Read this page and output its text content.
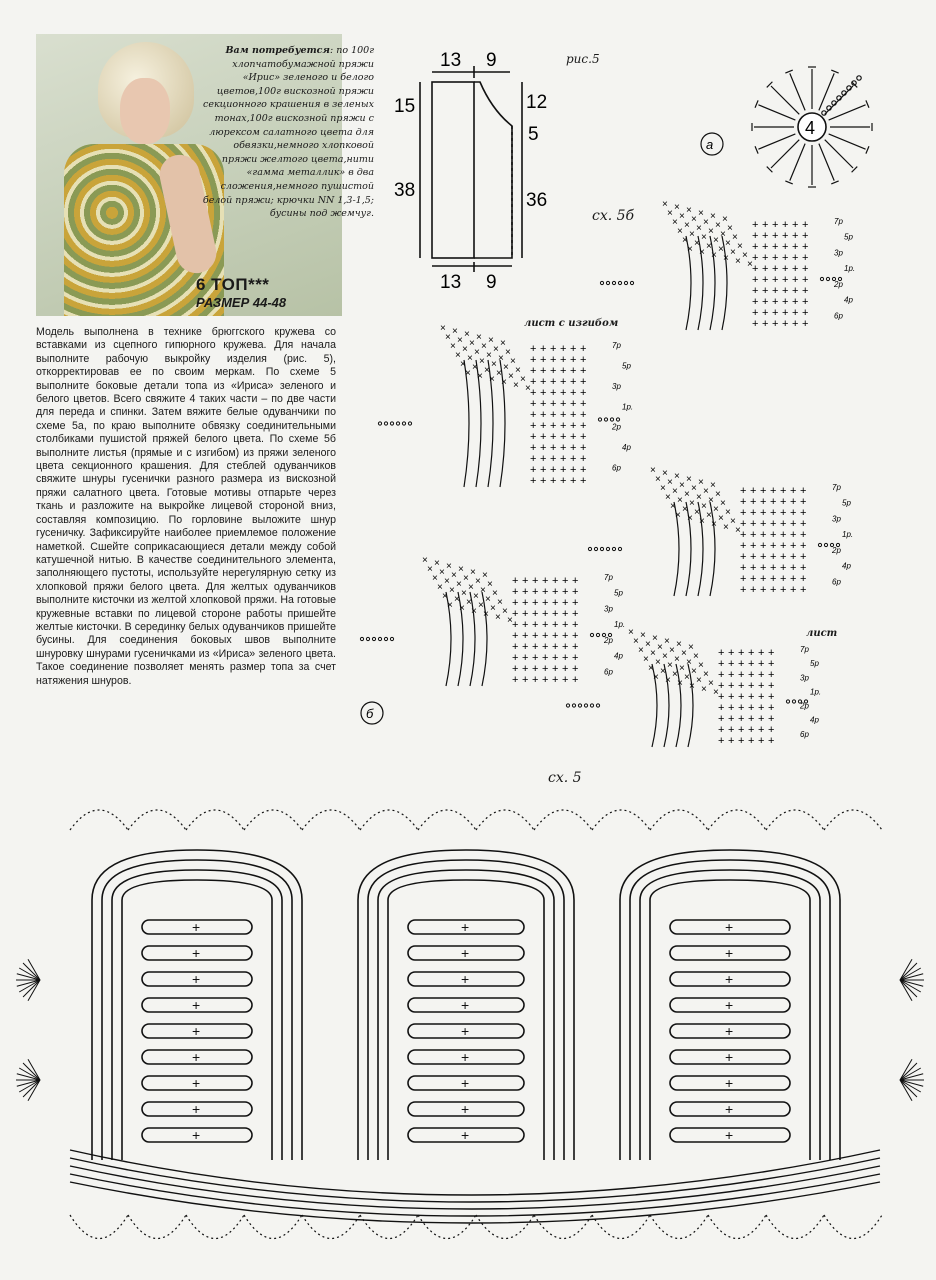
Вам потребуется: по 100г хлопчатобумажной пряжи «Ирис» зеленого и белого цветов,100г вискозной пряжи секционного крашения в зеленых тонах,100г вискозной пряжи с люрексом салатного цвета для обвязки,немного хлопковой пряжи желтого цвета,нити «гамма металлик» в два сложения,немного пушистой белой пряжи; крючки NN 1,3-1,5; бусины под жемчуг.
6 ТОП***
РАЗМЕР 44-48
Модель выполнена в технике брюггского кружева со вставками из сцепного гипюрного кружева. Для начала выполните рабочую выкройку изделия (рис. 5), откорректировав ее по своим меркам. По схеме 5 выполните боковые детали топа из «Ириса» зеленого и белого цветов. Всего свяжите 4 таких части – по две части для переда и спинки. Затем вяжите белые одуванчики по схеме 5а, по краю выполните обвязку соединительными столбиками пушистой пряжей белого цвета. По схеме 5б выполните листья (прямые и с изгибом) из пряжи зеленого цвета секционного крашения. Для стеблей одуванчиков свяжите шнуры гусенички разного размера из вискозной пряжи салатного цвета. Готовые мотивы отпарьте через ткань и разложите на выкройке лицевой стороной вниз, составляя композицию. По горловине выложите шнур гусеничку. Зафиксируйте наиболее приемлемое положение наметкой. Сшейте соприкасающиеся детали между собой катушечной нитью. В качестве соединительного элемента, заполняющего пустоты, используйте нерегулярную сетку из хлопковой пряжи белого цвета. Для желтых одуванчиков выполните кисточки из желтой хлопковой пряжи. На готовые кружевные вставки по лицевой стороне работы пришейте желтые кисточки. В серединку белых одуванчиков пришейте бусины. Для соединения боковых швов выполните шнуровку шнурами гусеничками из «Ириса» зеленого цвета. Такое соединение позволяет менять размер топа за счет натяжения шнуров.
рис.5
сх. 5б
лист с изгибом
лист
сх. 5
13 9
13 9
15
38
12
5
36
4
а
б
+ + + + + +
+ + + + + +
+ + + + + +
+ + + + + +
+ + + + + +
+ + + + + +
+ + + + + +
+ + + + + +
+ + + + + +
+ + + + + +
×
×
×
×
×
×
×
×
×
×
×
×
×
×
×
×
×
×
×
×
×
×
×
×
×
×
×
×
×
×
×
×
×
×
×
×
7р
5р
3р
1р.
2р
4р
6р
+ + + + + +
+ + + + + +
+ + + + + +
+ + + + + +
+ + + + + +
+ + + + + +
+ + + + + +
+ + + + + +
+ + + + + +
+ + + + + +
+ + + + + +
+ + + + + +
+ + + + + +
×
×
×
×
×
×
×
×
×
×
×
×
×
×
×
×
×
×
×
×
×
×
×
×
×
×
×
×
×
×
×
×
×
×
×
×
7р
5р
3р
1р.
2р
4р
6р
+ + + + + + +
+ + + + + + +
+ + + + + + +
+ + + + + + +
+ + + + + + +
+ + + + + + +
+ + + + + + +
+ + + + + + +
+ + + + + + +
+ + + + + + +
×
×
×
×
×
×
×
×
×
×
×
×
×
×
×
×
×
×
×
×
×
×
×
×
×
×
×
×
×
×
×
×
×
×
×
×
7р
5р
3р
1р.
2р
4р
6р
+ + + + + + +
+ + + + + + +
+ + + + + + +
+ + + + + + +
+ + + + + + +
+ + + + + + +
+ + + + + + +
+ + + + + + +
+ + + + + + +
+ + + + + + +
×
×
×
×
×
×
×
×
×
×
×
×
×
×
×
×
×
×
×
×
×
×
×
×
×
×
×
×
×
×
×
×
×
×
×
×
7р
5р
3р
1р.
2р
4р
6р
+ + + + + +
+ + + + + +
+ + + + + +
+ + + + + +
+ + + + + +
+ + + + + +
+ + + + + +
+ + + + + +
+ + + + + +
×
×
×
×
×
×
×
×
×
×
×
×
×
×
×
×
×
×
×
×
×
×
×
×
×
×
×
×
×
×
×
×
×
×
×
×
7р
5р
3р
1р.
2р
4р
6р
+
+
+
+
+
+
+
+
+
+
+
+
+
+
+
+
+
+
+
+
+
+
+
+
+
+
+
